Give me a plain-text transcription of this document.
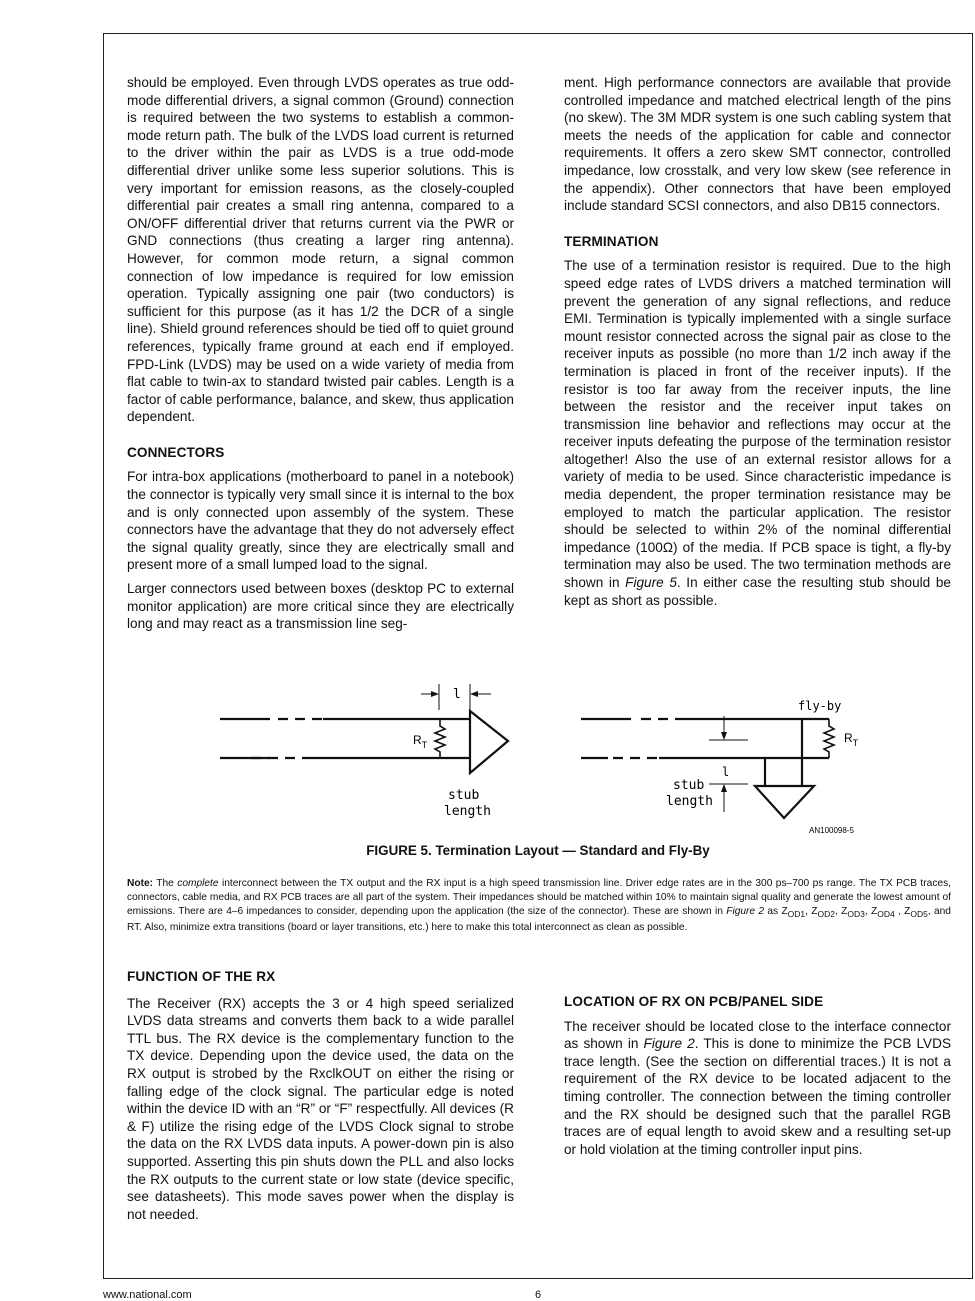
should be employed. Even through LVDS operates as true odd-mode differential drivers, a signal common (Ground) connection is required between the two systems to establish a common-mode return path. The bulk of the LVDS load current is returned to the driver within the pair as LVDS is a true odd-mode differential driver unlike some less superior solutions. This is very important for emission reasons, as the closely-coupled differential pair creates a small ring antenna, compared to a ON/OFF differential driver that returns current via the PWR or GND connections (thus creating a larger ring antenna). However, for common mode return, a signal common connection of low impedance is required for low emission operation. Typically assigning one pair (two conductors) is sufficient for this purpose (as it has 1/2 the DCR of a single line). Shield ground references should be tied off to quiet ground references, typically frame ground at each end if employed. FPD-Link (LVDS) may be used on a wide variety of media from flat cable to twin-ax to standard twisted pair cables. Length is a factor of cable performance, balance, and skew, thus application dependent.

CONNECTORS

For intra-box applications (motherboard to panel in a notebook) the connector is typically very small since it is internal to the box and is only connected upon assembly of the system. These connectors have the advantage that they do not adversely effect the signal quality greatly, since they are electrically small and present more of a small lumped load to the signal.

Larger connectors used between boxes (desktop PC to external monitor application) are more critical since they are electrically long and may react as a transmission line seg-

ment. High performance connectors are available that provide controlled impedance and matched electrical length of the pins (no skew). The 3M MDR system is one such cabling system that meets the needs of the application for cable and connector requirements. It offers a zero skew SMT connector, controlled impedance, low crosstalk, and very low skew (see reference in the appendix). Other connectors that have been employed include standard SCSI connectors, and also DB15 connectors.

TERMINATION

The use of a termination resistor is required. Due to the high speed edge rates of LVDS drivers a matched termination will prevent the generation of any signal reflections, and reduce EMI. Termination is typically implemented with a single surface mount resistor connected across the signal pair as close to the receiver inputs as possible (no more than 1/2 inch away if the termination is placed in front of the receiver inputs). If the resistor is too far away from the receiver inputs, the line between the resistor and the receiver input takes on transmission line behavior and reflections may occur at the receiver inputs defeating the purpose of the termination resistor altogether! Also the use of an external resistor allows for a variety of media to be used. Since characteristic impedance is media dependent, the proper termination resistance may be employed to match the particular application. The resistor should be selected to within 2% of the nominal differential impedance (100Ω) of the media. If PCB space is tight, a fly-by termination may also be used. The two termination methods are shown in Figure 5. In either case the resulting stub should be kept as short as possible.

l
$R_T$
stub
length
fly-by
$R_T$
l
stub
length
AN100098-5
FIGURE 5. Termination Layout — Standard and Fly-By
Note: The complete interconnect between the TX output and the RX input is a high speed transmission line. Driver edge rates are in the 300 ps–700 ps range. The TX PCB traces, connectors, cable media, and RX PCB traces are all part of the system. Their impedances should be matched within 10% to maintain signal quality and generate the lowest amount of emissions. There are 4–6 impedances to consider, depending upon the application (the size of the connector). These are shown in Figure 2 as $Z_{OD1}$, $Z_{OD2}$, $Z_{OD3}$, $Z_{OD4}$ , $Z_{OD5}$, and RT. Also, minimize extra transitions (board or layer transitions, etc.) here to make this total interconnect as clean as possible.
FUNCTION OF THE RX

The Receiver (RX) accepts the 3 or 4 high speed serialized LVDS data streams and converts them back to a wide parallel TTL bus. The RX device is the complementary function to the TX device. Depending upon the device used, the data on the RX output is strobed by the RxclkOUT on either the rising or falling edge of the clock signal. The particular edge is noted within the device ID with an “R” or “F” respectfully. All devices (R & F) utilize the rising edge of the LVDS Clock signal to strobe the data on the RX LVDS data inputs. A power-down pin is also supported. Asserting this pin shuts down the PLL and also locks the RX outputs to the current state or low state (device specific, see datasheets). This mode saves power when the display is not needed.

LOCATION OF RX ON PCB/PANEL SIDE

The receiver should be located close to the interface connector as shown in Figure 2. This is done to minimize the PCB LVDS trace length. (See the section on differential traces.) It is not a requirement of the RX device to be located adjacent to the timing controller. The connection between the timing controller and the RX should be designed such that the parallel RGB traces are of equal length to avoid skew and a resulting set-up or hold violation at the timing controller input pins.

www.national.com	6
